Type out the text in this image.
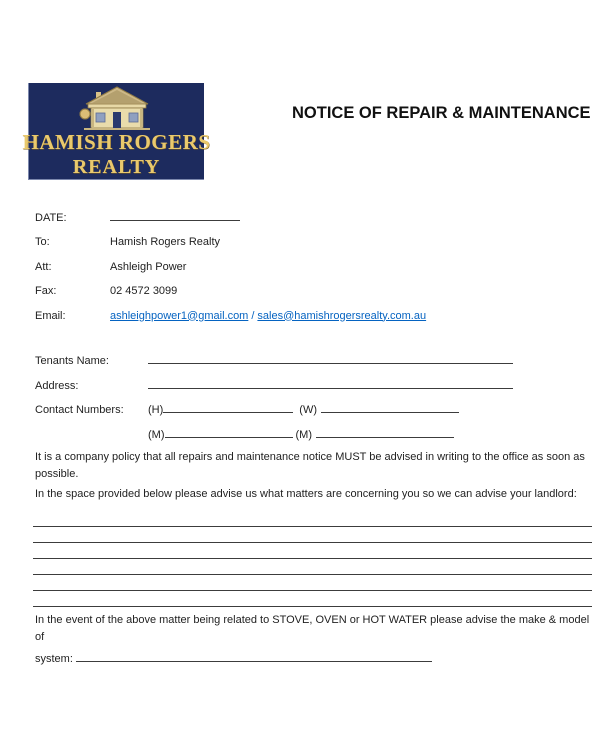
HAMISH ROGERS
REALTY
NOTICE OF REPAIR & MAINTENANCE
DATE:
To:	Hamish Rogers Realty
Att:	Ashleigh Power
Fax:	02 4572 3099
Email:	ashleighpower1@gmail.com / sales@hamishrogersrealty.com.au
Tenants Name:
Address:
Contact Numbers: (H)	(W)
(M)	(M)
It is a company policy that all repairs and maintenance notice MUST be advised in writing to the office as soon as possible.
In the space provided below please advise us what matters are concerning you so we can advise your landlord:
In the event of the above matter being related to STOVE, OVEN or HOT WATER please advise the make & model of
system:
